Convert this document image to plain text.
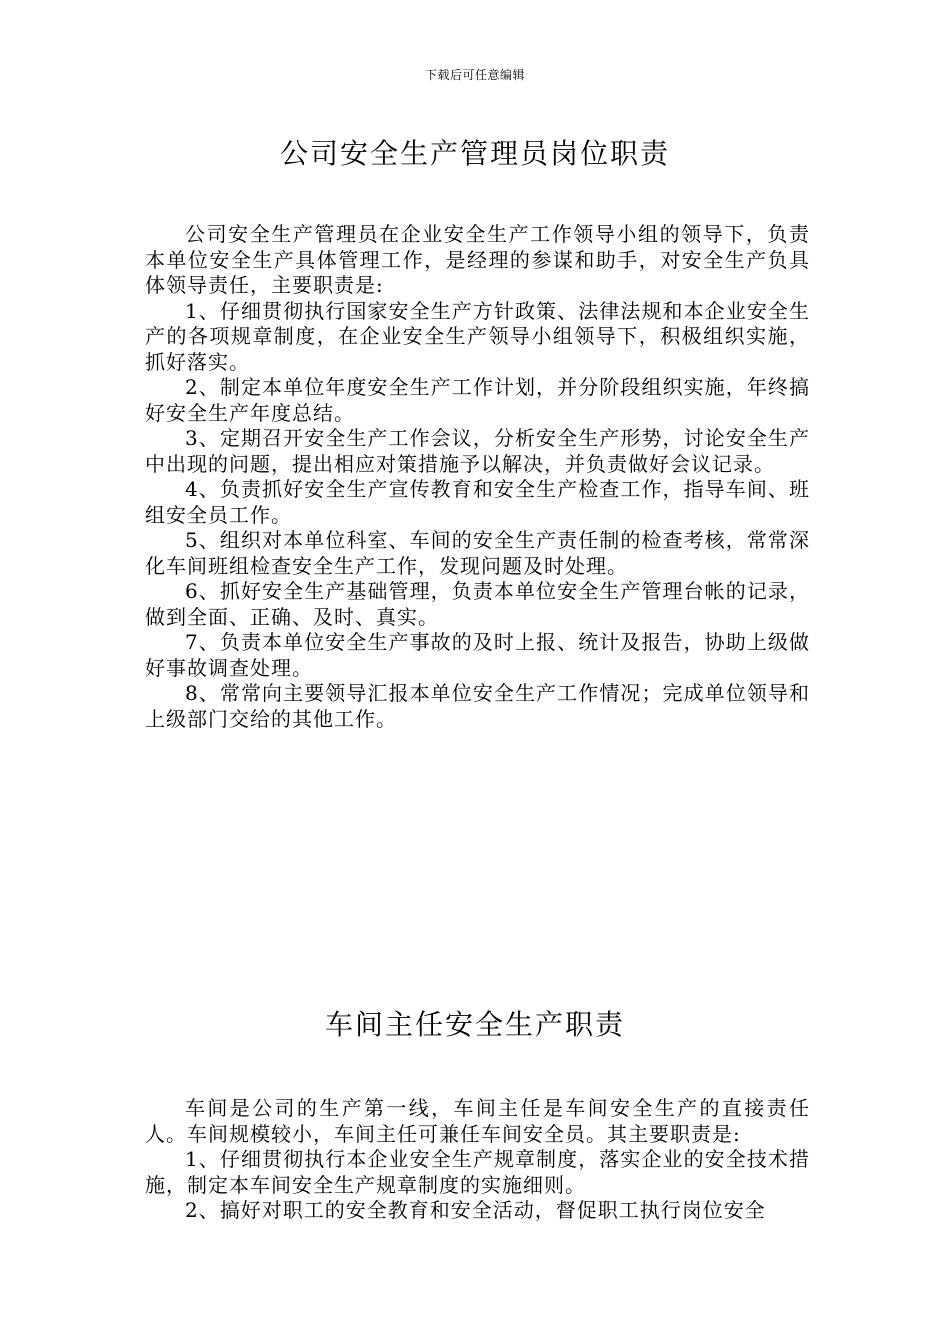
下载后可任意编辑
公司安全生产管理员岗位职责

公司安全生产管理员在企业安全生产工作领导小组的领导下，负责本单位安全生产具体管理工作，是经理的参谋和助手，对安全生产负具体领导责任，主要职责是:

1、仔细贯彻执行国家安全生产方针政策、法律法规和本企业安全生产的各项规章制度，在企业安全生产领导小组领导下，积极组织实施，抓好落实。

2、制定本单位年度安全生产工作计划，并分阶段组织实施，年终搞好安全生产年度总结。

3、定期召开安全生产工作会议，分析安全生产形势，讨论安全生产中出现的问题，提出相应对策措施予以解决，并负责做好会议记录。

4、负责抓好安全生产宣传教育和安全生产检查工作，指导车间、班组安全员工作。

5、组织对本单位科室、车间的安全生产责任制的检查考核，常常深化车间班组检查安全生产工作，发现问题及时处理。

6、抓好安全生产基础管理，负责本单位安全生产管理台帐的记录，做到全面、正确、及时、真实。

7、负责本单位安全生产事故的及时上报、统计及报告，协助上级做好事故调查处理。

8、常常向主要领导汇报本单位安全生产工作情况；完成单位领导和上级部门交给的其他工作。

车间主任安全生产职责

车间是公司的生产第一线，车间主任是车间安全生产的直接责任人。车间规模较小，车间主任可兼任车间安全员。其主要职责是:

1、仔细贯彻执行本企业安全生产规章制度，落实企业的安全技术措施，制定本车间安全生产规章制度的实施细则。

2、搞好对职工的安全教育和安全活动，督促职工执行岗位安全
